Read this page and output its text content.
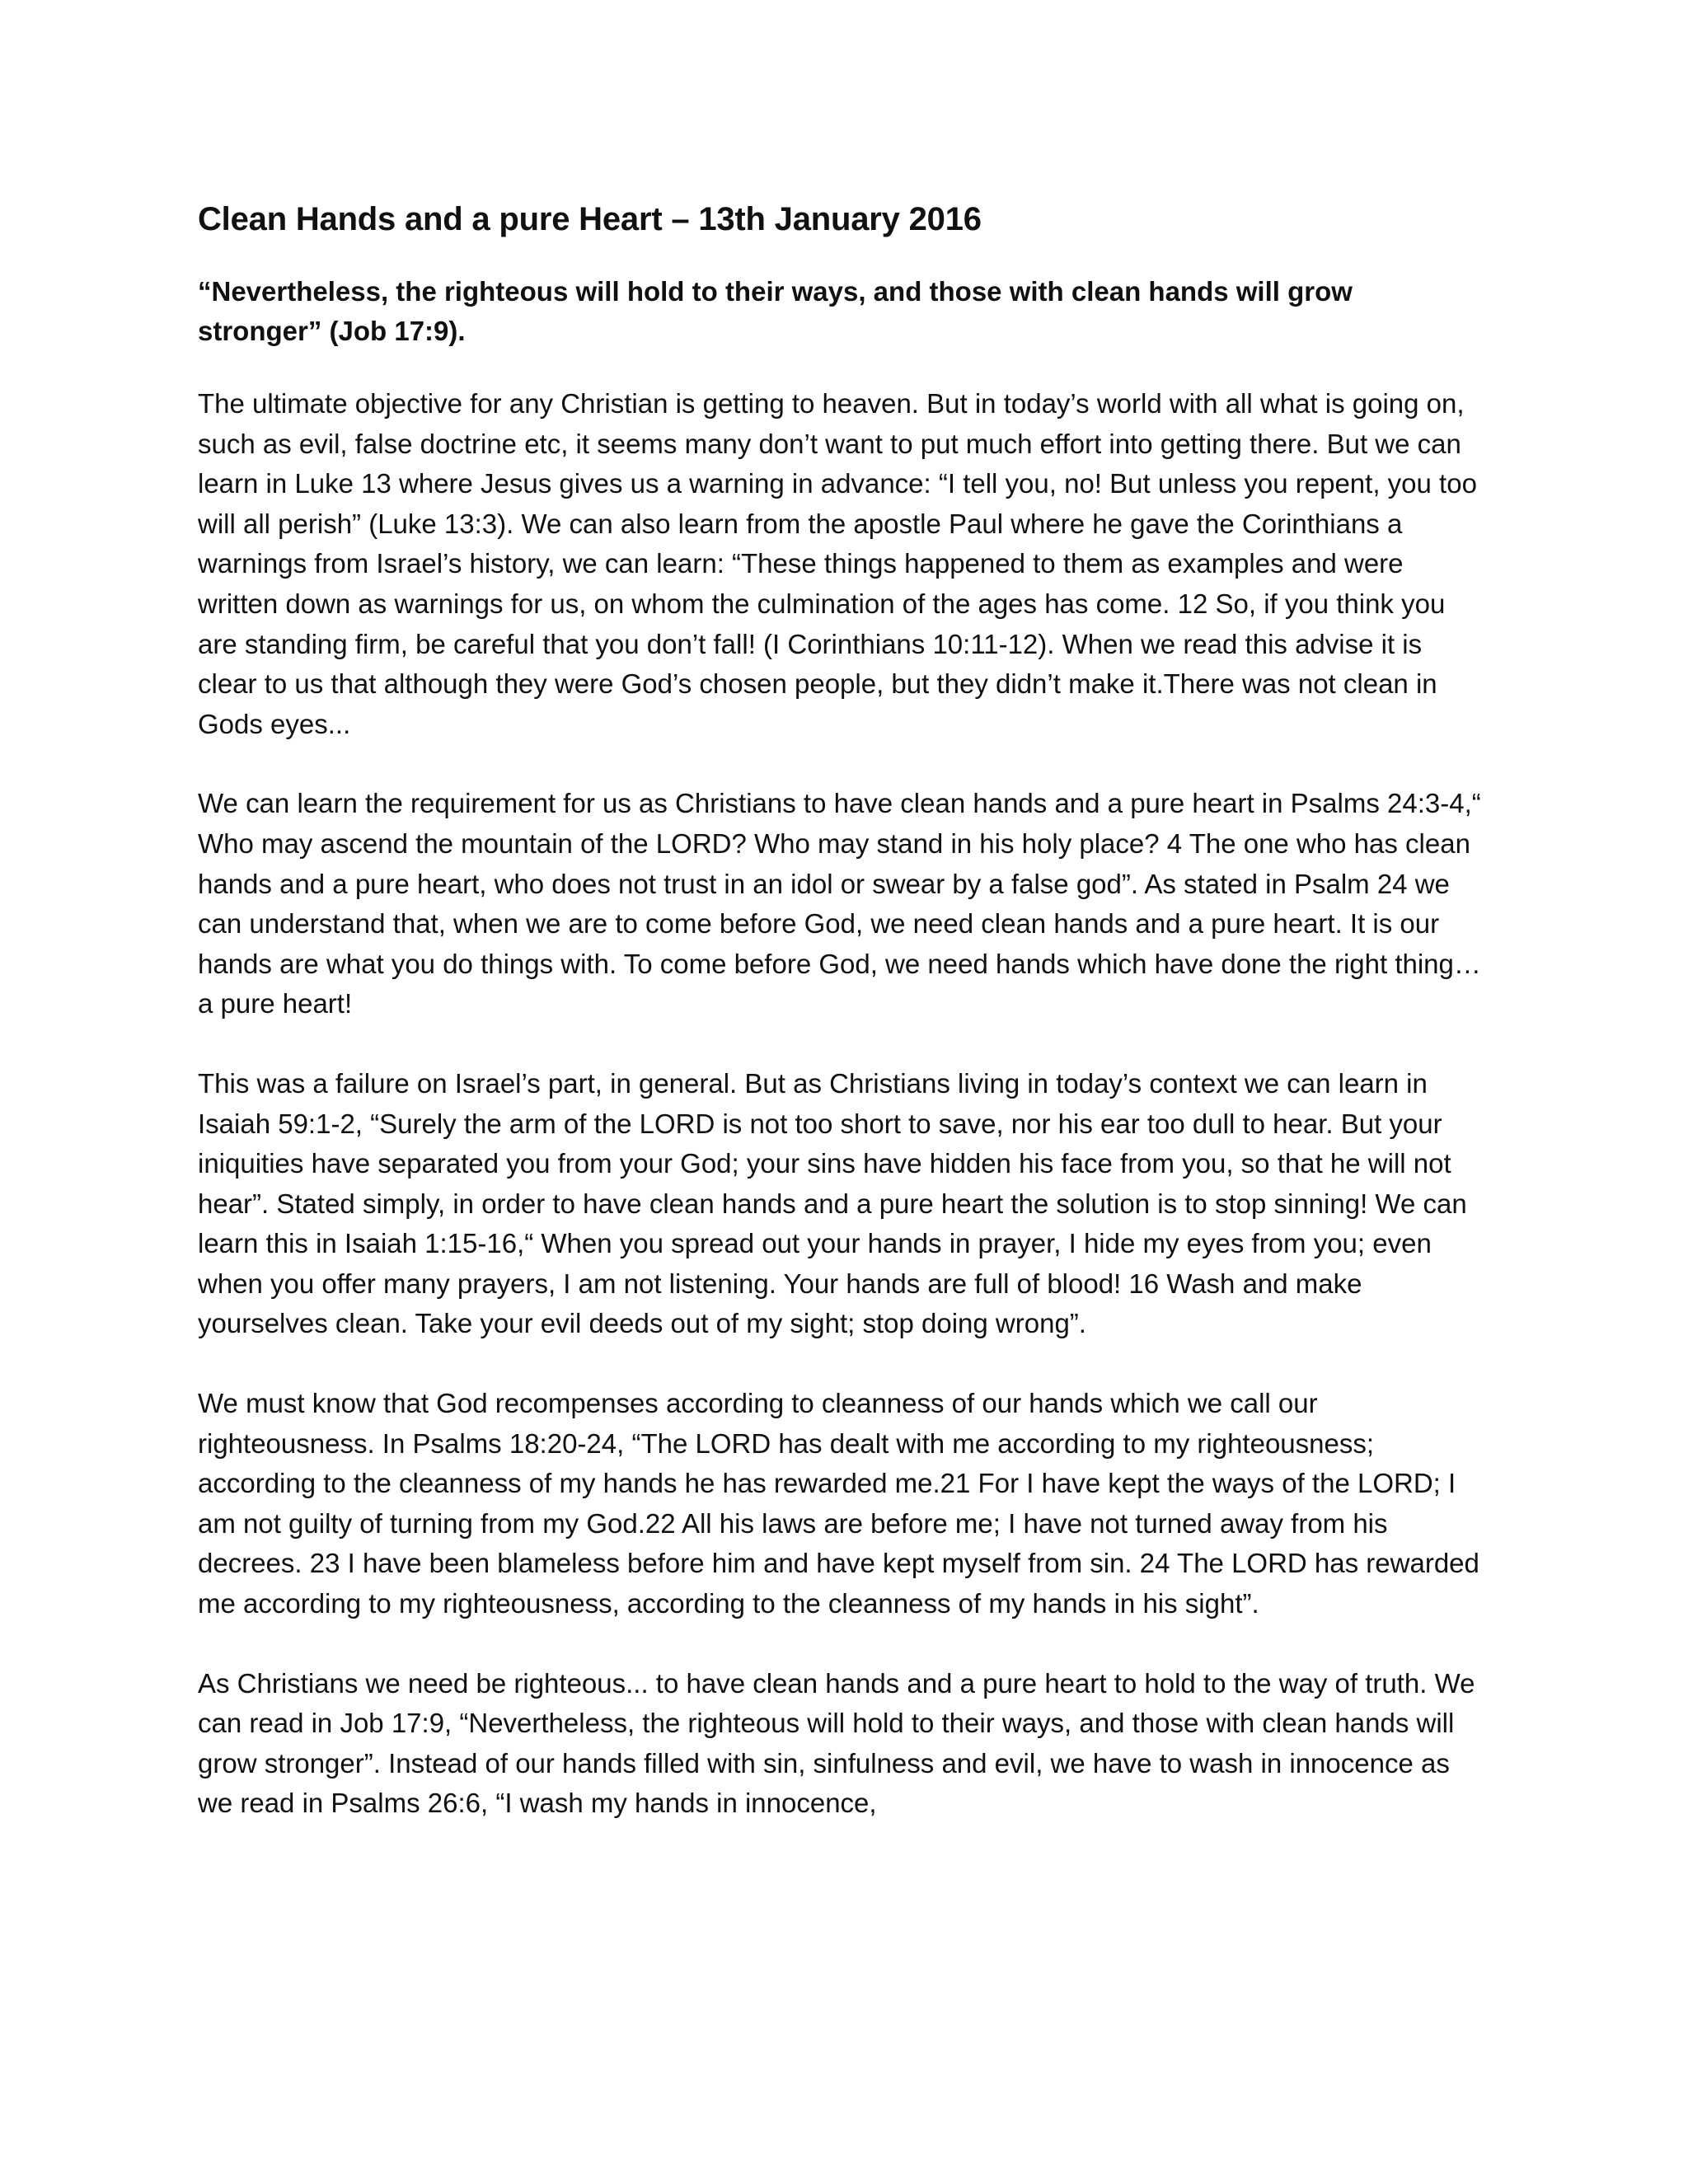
Clean Hands and a pure Heart – 13th January 2016

“Nevertheless, the righteous will hold to their ways, and those with clean hands will grow stronger” (Job 17:9).

The ultimate objective for any Christian is getting to heaven. But in today’s world with all what is going on, such as evil, false doctrine etc, it seems many don’t want to put much effort into getting there. But we can learn in Luke 13 where Jesus gives us a warning in advance: “I tell you, no! But unless you repent, you too will all perish” (Luke 13:3). We can also learn from the apostle Paul where he gave the Corinthians a warnings from Israel’s history, we can learn: “These things happened to them as examples and were written down as warnings for us, on whom the culmination of the ages has come. 12 So, if you think you are standing firm, be careful that you don’t fall! (I Corinthians 10:11-12). When we read this advise it is clear to us that although they were God’s chosen people, but they didn’t make it.There was not clean in Gods eyes...

We can learn the requirement for us as Christians to have clean hands and a pure heart in Psalms 24:3-4,“ Who may ascend the mountain of the LORD? Who may stand in his holy place? 4 The one who has clean hands and a pure heart, who does not trust in an idol or swear by a false god”. As stated in Psalm 24 we can understand that, when we are to come before God, we need clean hands and a pure heart. It is our hands are what you do things with. To come before God, we need hands which have done the right thing…a pure heart!

This was a failure on Israel’s part, in general. But as Christians living in today’s context we can learn in Isaiah 59:1-2, “Surely the arm of the LORD is not too short to save, nor his ear too dull to hear. But your iniquities have separated you from your God; your sins have hidden his face from you, so that he will not hear”. Stated simply, in order to have clean hands and a pure heart the solution is to stop sinning! We can learn this in Isaiah 1:15-16,“ When you spread out your hands in prayer, I hide my eyes from you; even when you offer many prayers, I am not listening. Your hands are full of blood! 16 Wash and make yourselves clean. Take your evil deeds out of my sight; stop doing wrong”.

We must know that God recompenses according to cleanness of our hands which we call our righteousness. In Psalms 18:20-24, “The LORD has dealt with me according to my righteousness; according to the cleanness of my hands he has rewarded me.21 For I have kept the ways of the LORD; I am not guilty of turning from my God.22 All his laws are before me; I have not turned away from his decrees. 23 I have been blameless before him and have kept myself from sin. 24 The LORD has rewarded me according to my righteousness, according to the cleanness of my hands in his sight”.

As Christians we need be righteous... to have clean hands and a pure heart to hold to the way of truth. We can read in Job 17:9, “Nevertheless, the righteous will hold to their ways, and those with clean hands will grow stronger”. Instead of our hands filled with sin, sinfulness and evil, we have to wash in innocence as we read in Psalms 26:6, “I wash my hands in innocence,
